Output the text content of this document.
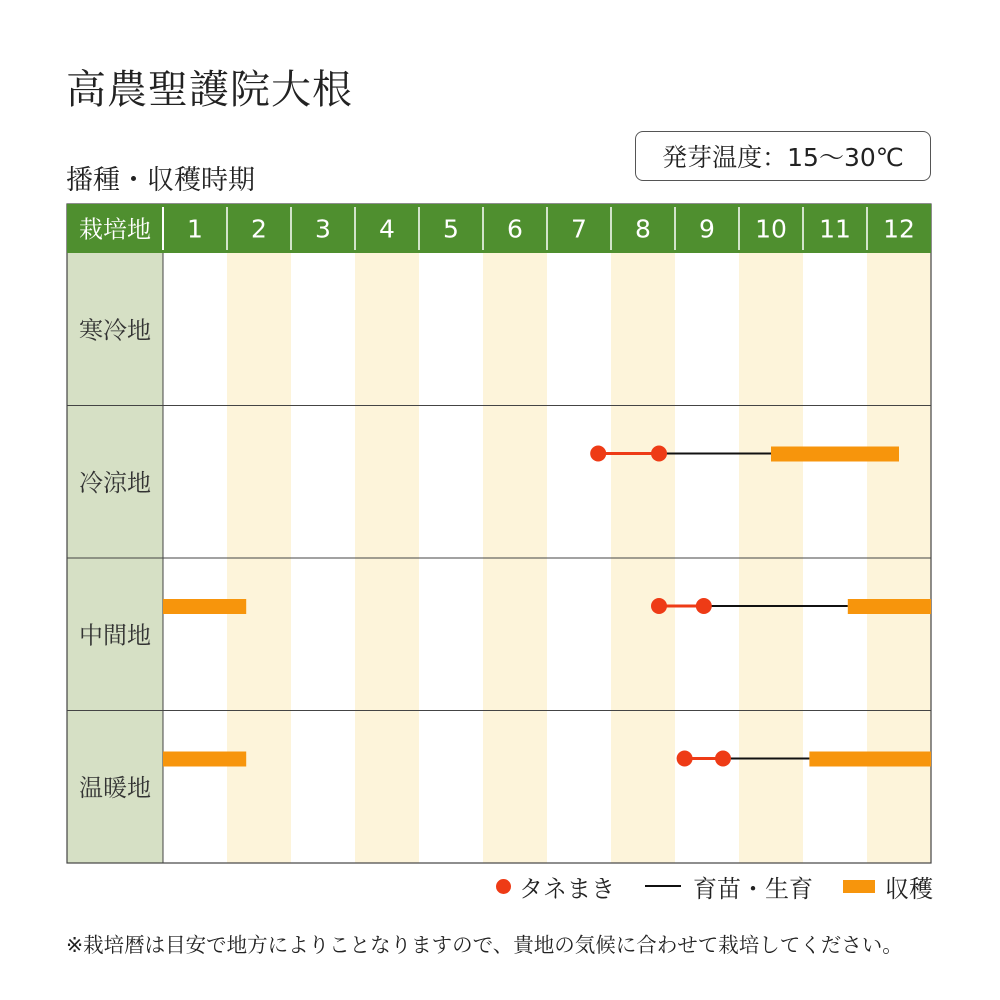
高農聖護院大根
播種・収穫時期
発芽温度：15～30℃
栽培地 1 2 3 4 5 6 7 8 9 10 11 12
寒冷地
冷涼地
中間地
温暖地
タネまき	育苗・生育	収穫
※栽培暦は目安で地方によりことなりますので、貴地の気候に合わせて栽培してください。
